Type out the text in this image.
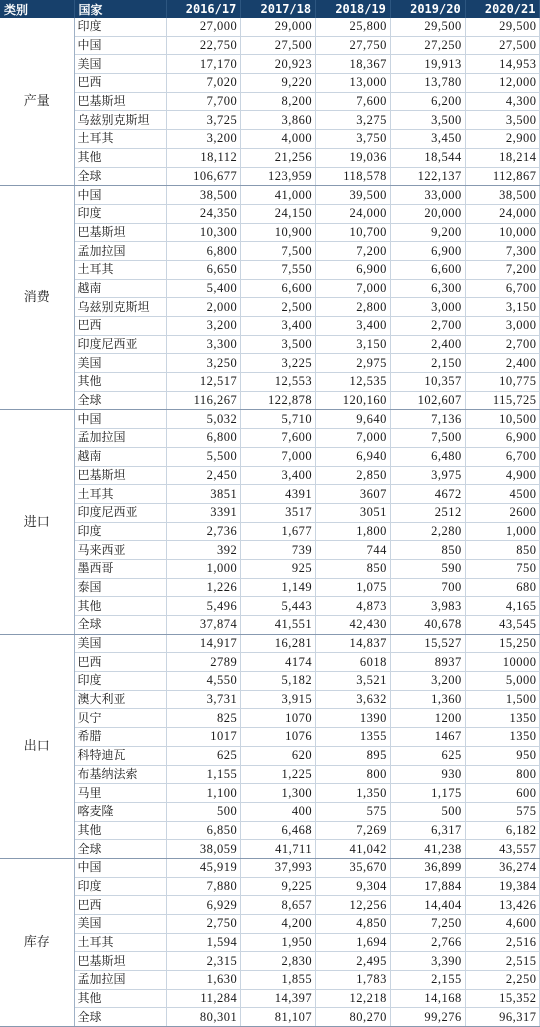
类别	国家	2016/17	2017/18	2018/19	2019/20	2020/21
产量	印度	27,000	29,000	25,800	29,500	29,500
	中国	22,750	27,500	27,750	27,250	27,500
	美国	17,170	20,923	18,367	19,913	14,953
	巴西	7,020	9,220	13,000	13,780	12,000
	巴基斯坦	7,700	8,200	7,600	6,200	4,300
	乌兹别克斯坦	3,725	3,860	3,275	3,500	3,500
	土耳其	3,200	4,000	3,750	3,450	2,900
	其他	18,112	21,256	19,036	18,544	18,214
	全球	106,677	123,959	118,578	122,137	112,867
消费	中国	38,500	41,000	39,500	33,000	38,500
	印度	24,350	24,150	24,000	20,000	24,000
	巴基斯坦	10,300	10,900	10,700	9,200	10,000
	孟加拉国	6,800	7,500	7,200	6,900	7,300
	土耳其	6,650	7,550	6,900	6,600	7,200
	越南	5,400	6,600	7,000	6,300	6,700
	乌兹别克斯坦	2,000	2,500	2,800	3,000	3,150
	巴西	3,200	3,400	3,400	2,700	3,000
	印度尼西亚	3,300	3,500	3,150	2,400	2,700
	美国	3,250	3,225	2,975	2,150	2,400
	其他	12,517	12,553	12,535	10,357	10,775
	全球	116,267	122,878	120,160	102,607	115,725
进口	中国	5,032	5,710	9,640	7,136	10,500
	孟加拉国	6,800	7,600	7,000	7,500	6,900
	越南	5,500	7,000	6,940	6,480	6,700
	巴基斯坦	2,450	3,400	2,850	3,975	4,900
	土耳其	3851	4391	3607	4672	4500
	印度尼西亚	3391	3517	3051	2512	2600
	印度	2,736	1,677	1,800	2,280	1,000
	马来西亚	392	739	744	850	850
	墨西哥	1,000	925	850	590	750
	泰国	1,226	1,149	1,075	700	680
	其他	5,496	5,443	4,873	3,983	4,165
	全球	37,874	41,551	42,430	40,678	43,545
出口	美国	14,917	16,281	14,837	15,527	15,250
	巴西	2789	4174	6018	8937	10000
	印度	4,550	5,182	3,521	3,200	5,000
	澳大利亚	3,731	3,915	3,632	1,360	1,500
	贝宁	825	1070	1390	1200	1350
	希腊	1017	1076	1355	1467	1350
	科特迪瓦	625	620	895	625	950
	布基纳法索	1,155	1,225	800	930	800
	马里	1,100	1,300	1,350	1,175	600
	喀麦隆	500	400	575	500	575
	其他	6,850	6,468	7,269	6,317	6,182
	全球	38,059	41,711	41,042	41,238	43,557
库存	中国	45,919	37,993	35,670	36,899	36,274
	印度	7,880	9,225	9,304	17,884	19,384
	巴西	6,929	8,657	12,256	14,404	13,426
	美国	2,750	4,200	4,850	7,250	4,600
	土耳其	1,594	1,950	1,694	2,766	2,516
	巴基斯坦	2,315	2,830	2,495	3,390	2,515
	孟加拉国	1,630	1,855	1,783	2,155	2,250
	其他	11,284	14,397	12,218	14,168	15,352
	全球	80,301	81,107	80,270	99,276	96,317
